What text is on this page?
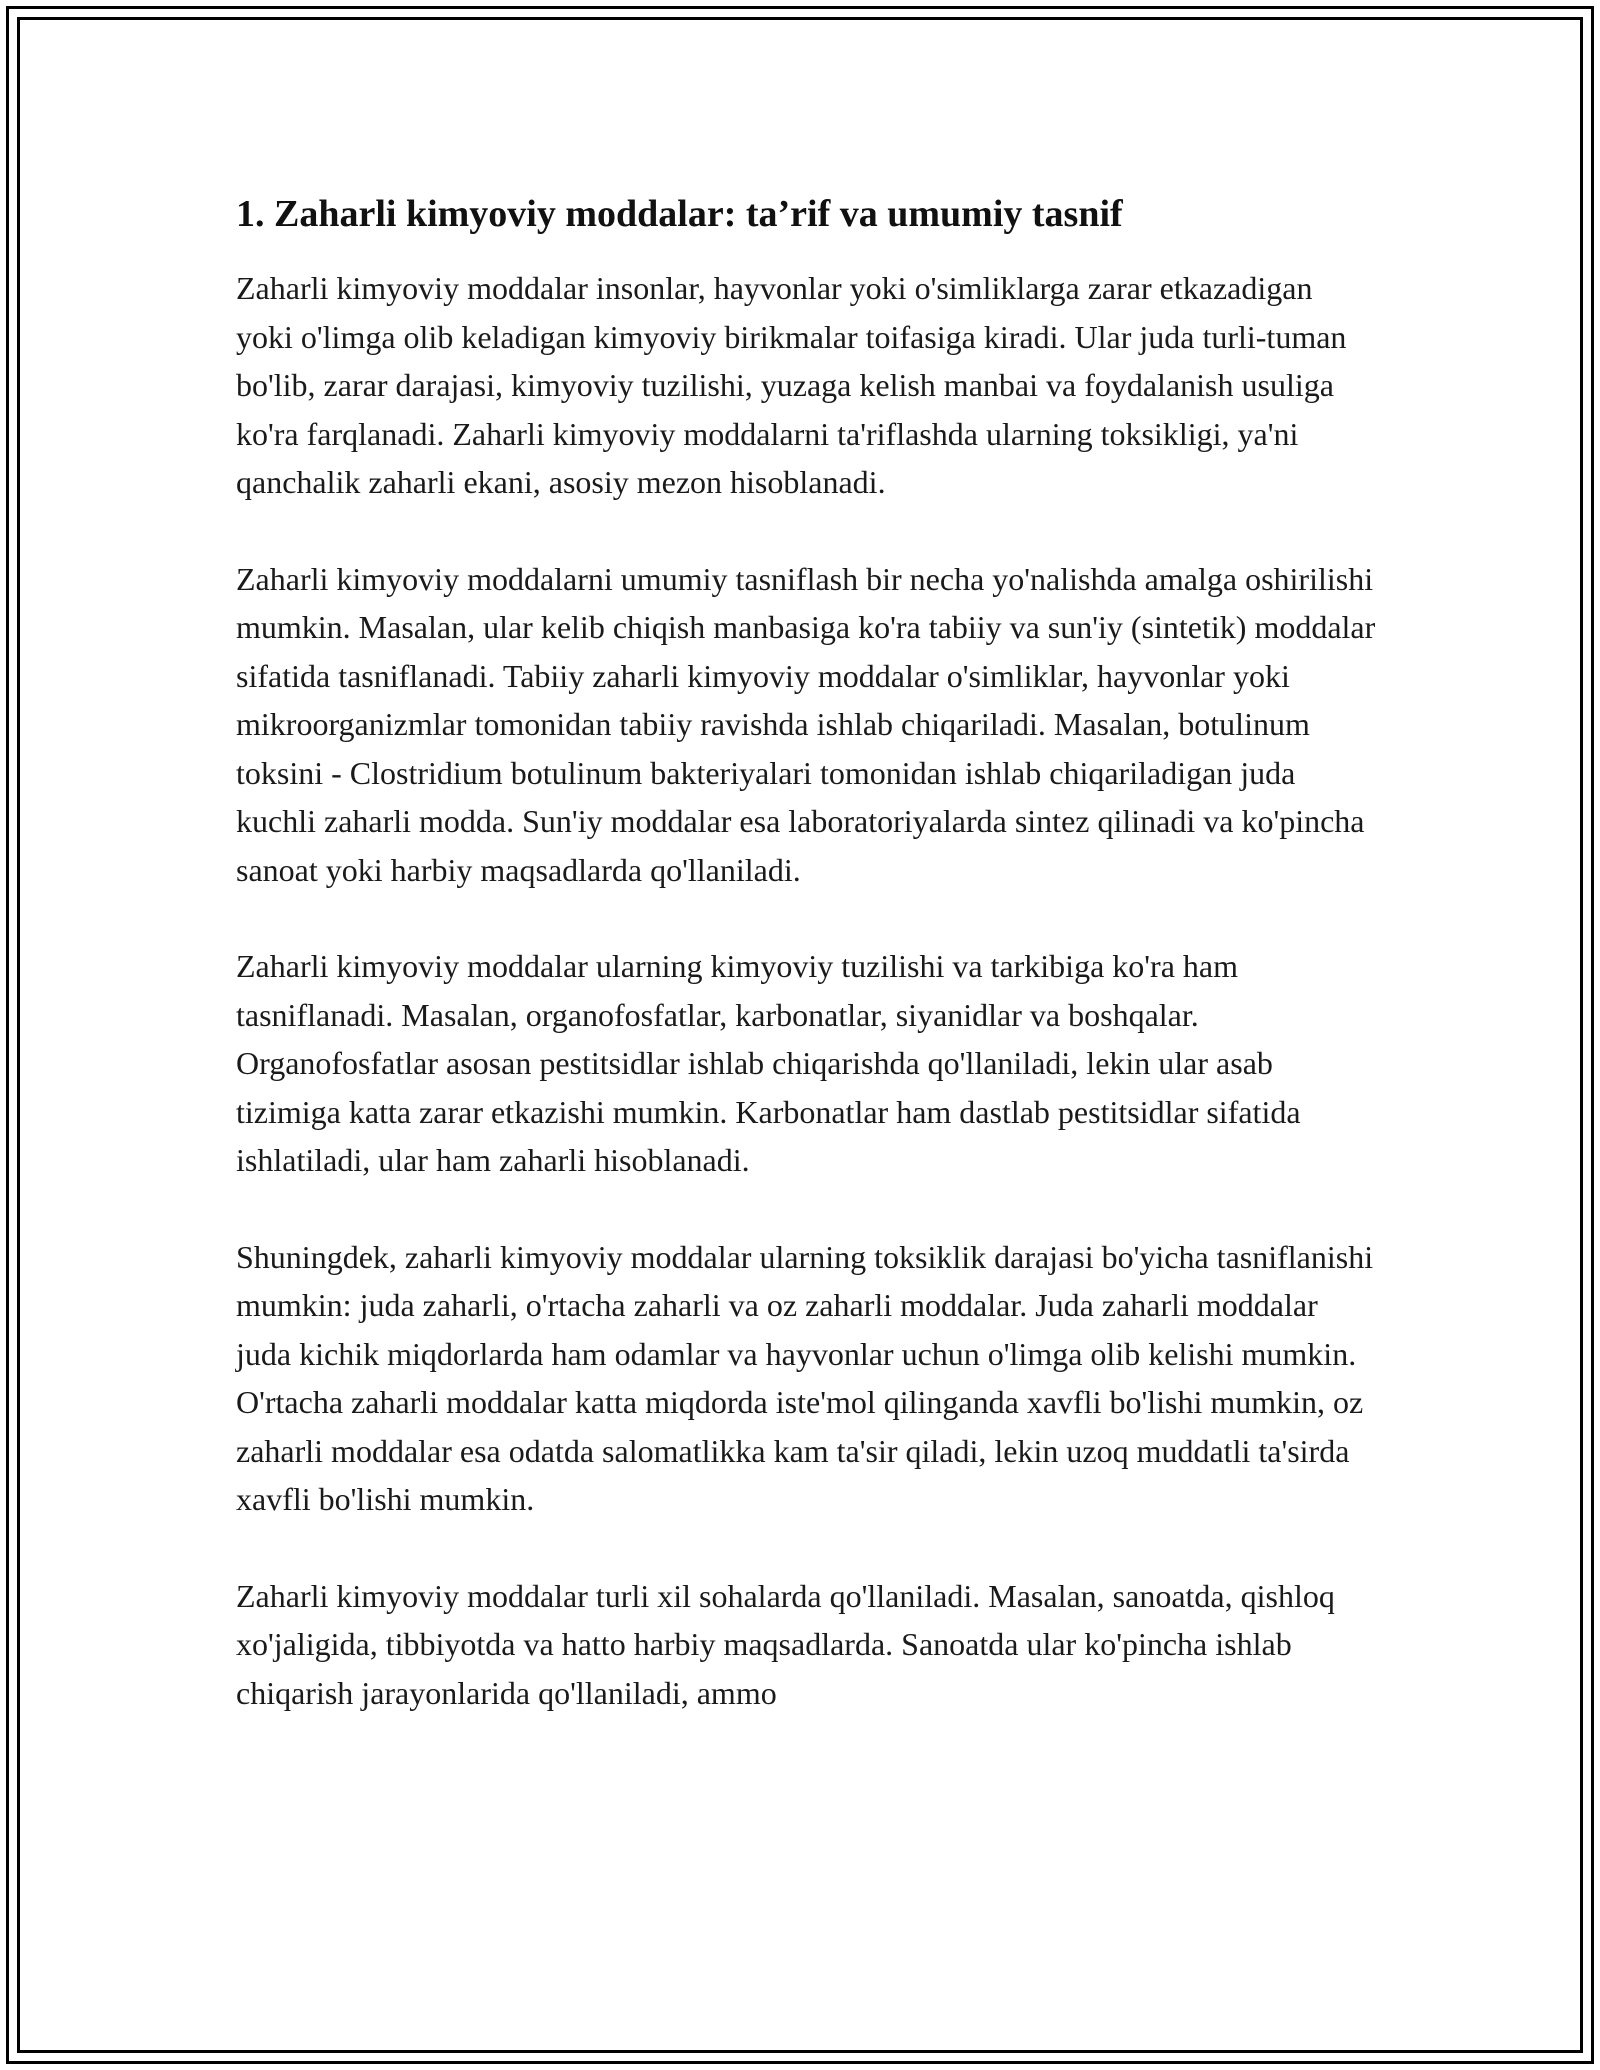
1. Zaharli kimyoviy moddalar: ta’rif va umumiy tasnif

Zaharli kimyoviy moddalar insonlar, hayvonlar yoki o'simliklarga zarar etkazadigan yoki o'limga olib keladigan kimyoviy birikmalar toifasiga kiradi. Ular juda turli-tuman bo'lib, zarar darajasi, kimyoviy tuzilishi, yuzaga kelish manbai va foydalanish usuliga ko'ra farqlanadi. Zaharli kimyoviy moddalarni ta'riflashda ularning toksikligi, ya'ni qanchalik zaharli ekani, asosiy mezon hisoblanadi.

Zaharli kimyoviy moddalarni umumiy tasniflash bir necha yo'nalishda amalga oshirilishi mumkin. Masalan, ular kelib chiqish manbasiga ko'ra tabiiy va sun'iy (sintetik) moddalar sifatida tasniflanadi. Tabiiy zaharli kimyoviy moddalar o'simliklar, hayvonlar yoki mikroorganizmlar tomonidan tabiiy ravishda ishlab chiqariladi. Masalan, botulinum toksini - Clostridium botulinum bakteriyalari tomonidan ishlab chiqariladigan juda kuchli zaharli modda. Sun'iy moddalar esa laboratoriyalarda sintez qilinadi va ko'pincha sanoat yoki harbiy maqsadlarda qo'llaniladi.

Zaharli kimyoviy moddalar ularning kimyoviy tuzilishi va tarkibiga ko'ra ham tasniflanadi. Masalan, organofosfatlar, karbonatlar, siyanidlar va boshqalar. Organofosfatlar asosan pestitsidlar ishlab chiqarishda qo'llaniladi, lekin ular asab tizimiga katta zarar etkazishi mumkin. Karbonatlar ham dastlab pestitsidlar sifatida ishlatiladi, ular ham zaharli hisoblanadi.

Shuningdek, zaharli kimyoviy moddalar ularning toksiklik darajasi bo'yicha tasniflanishi mumkin: juda zaharli, o'rtacha zaharli va oz zaharli moddalar. Juda zaharli moddalar juda kichik miqdorlarda ham odamlar va hayvonlar uchun o'limga olib kelishi mumkin. O'rtacha zaharli moddalar katta miqdorda iste'mol qilinganda xavfli bo'lishi mumkin, oz zaharli moddalar esa odatda salomatlikka kam ta'sir qiladi, lekin uzoq muddatli ta'sirda xavfli bo'lishi mumkin.

Zaharli kimyoviy moddalar turli xil sohalarda qo'llaniladi. Masalan, sanoatda, qishloq xo'jaligida, tibbiyotda va hatto harbiy maqsadlarda. Sanoatda ular ko'pincha ishlab chiqarish jarayonlarida qo'llaniladi, ammo
